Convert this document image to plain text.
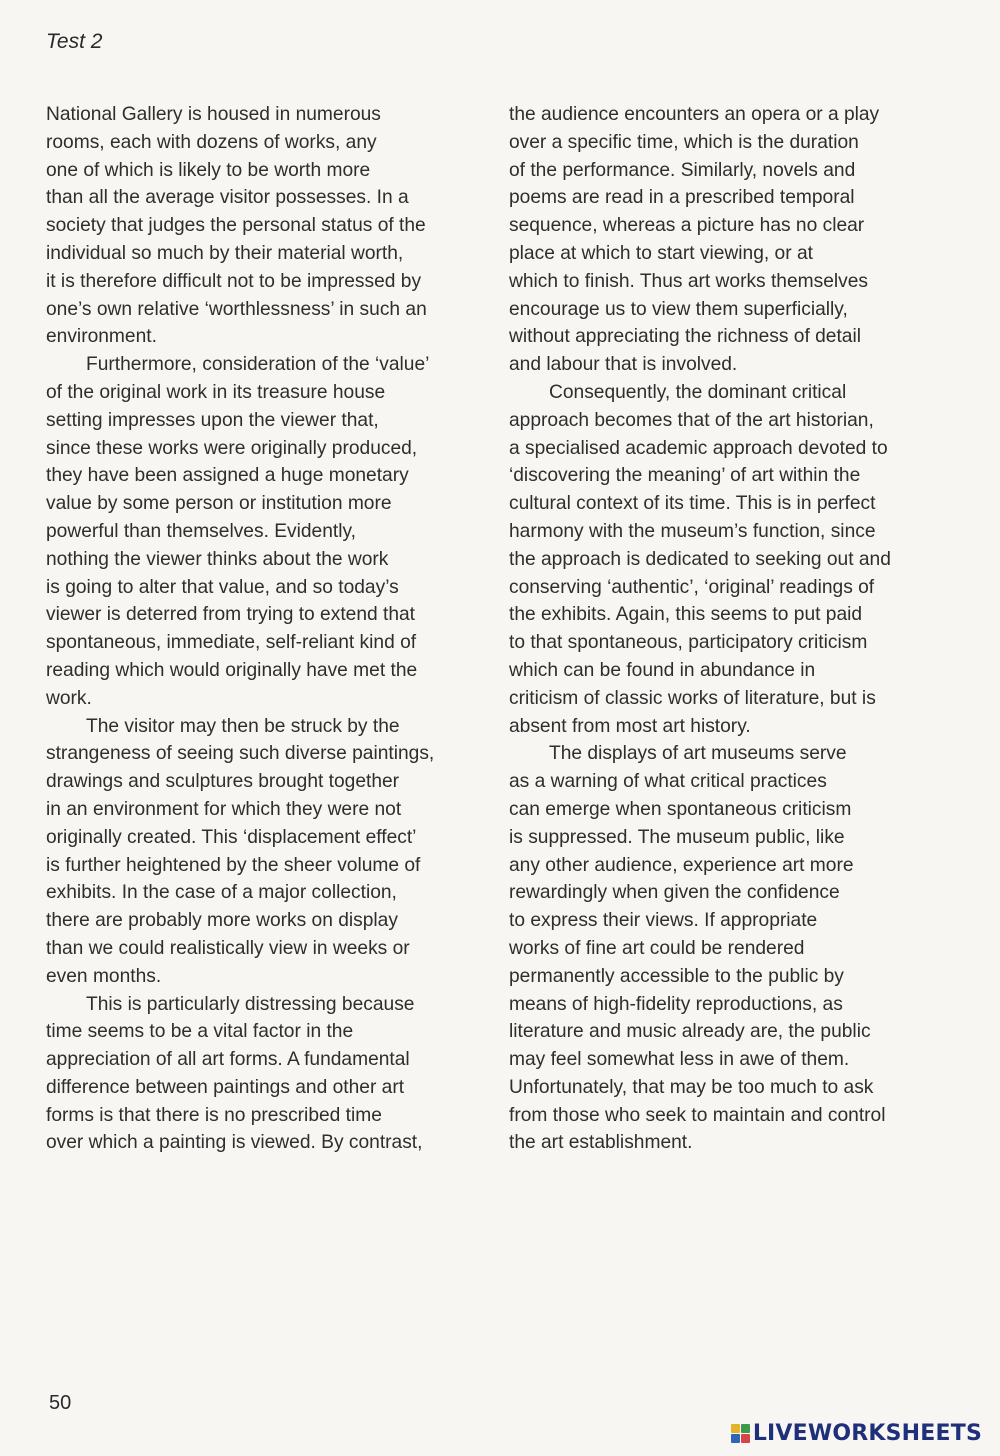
Test 2
National Gallery is housed in numerous
rooms, each with dozens of works, any
one of which is likely to be worth more
than all the average visitor possesses. In a
society that judges the personal status of the
individual so much by their material worth,
it is therefore difficult not to be impressed by
one’s own relative ‘worthlessness’ in such an
environment.
Furthermore, consideration of the ‘value’
of the original work in its treasure house
setting impresses upon the viewer that,
since these works were originally produced,
they have been assigned a huge monetary
value by some person or institution more
powerful than themselves. Evidently,
nothing the viewer thinks about the work
is going to alter that value, and so today’s
viewer is deterred from trying to extend that
spontaneous, immediate, self-reliant kind of
reading which would originally have met the
work.
The visitor may then be struck by the
strangeness of seeing such diverse paintings,
drawings and sculptures brought together
in an environment for which they were not
originally created. This ‘displacement effect’
is further heightened by the sheer volume of
exhibits. In the case of a major collection,
there are probably more works on display
than we could realistically view in weeks or
even months.
This is particularly distressing because
time seems to be a vital factor in the
appreciation of all art forms. A fundamental
difference between paintings and other art
forms is that there is no prescribed time
over which a painting is viewed. By contrast,
the audience encounters an opera or a play
over a specific time, which is the duration
of the performance. Similarly, novels and
poems are read in a prescribed temporal
sequence, whereas a picture has no clear
place at which to start viewing, or at
which to finish. Thus art works themselves
encourage us to view them superficially,
without appreciating the richness of detail
and labour that is involved.
Consequently, the dominant critical
approach becomes that of the art historian,
a specialised academic approach devoted to
‘discovering the meaning’ of art within the
cultural context of its time. This is in perfect
harmony with the museum’s function, since
the approach is dedicated to seeking out and
conserving ‘authentic’, ‘original’ readings of
the exhibits. Again, this seems to put paid
to that spontaneous, participatory criticism
which can be found in abundance in
criticism of classic works of literature, but is
absent from most art history.
The displays of art museums serve
as a warning of what critical practices
can emerge when spontaneous criticism
is suppressed. The museum public, like
any other audience, experience art more
rewardingly when given the confidence
to express their views. If appropriate
works of fine art could be rendered
permanently accessible to the public by
means of high-fidelity reproductions, as
literature and music already are, the public
may feel somewhat less in awe of them.
Unfortunately, that may be too much to ask
from those who seek to maintain and control
the art establishment.
50
LIVEWORKSHEETS
